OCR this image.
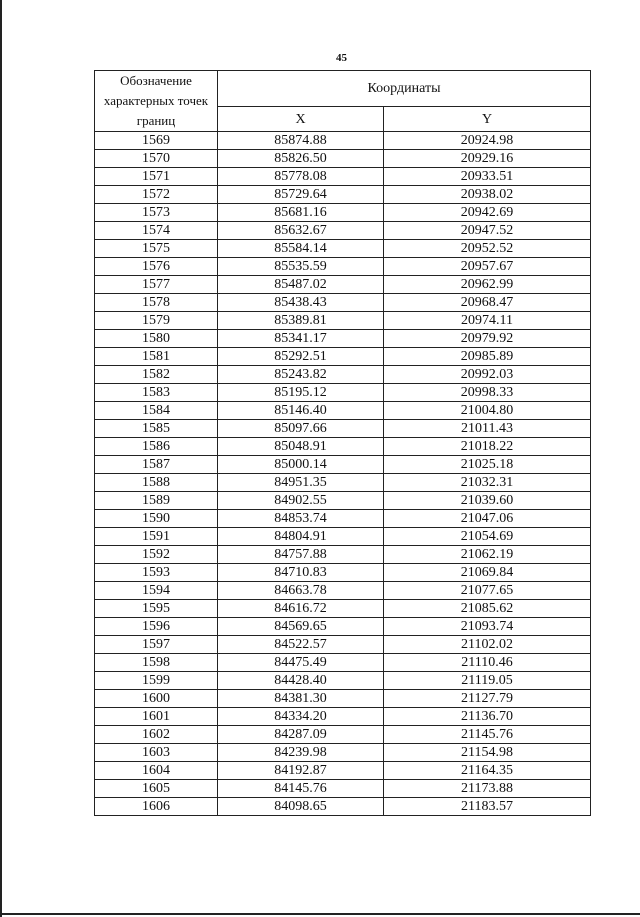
45
Обозначение характерных точек границ	Координаты	
	X	Y
1569	85874.88	20924.98
1570	85826.50	20929.16
1571	85778.08	20933.51
1572	85729.64	20938.02
1573	85681.16	20942.69
1574	85632.67	20947.52
1575	85584.14	20952.52
1576	85535.59	20957.67
1577	85487.02	20962.99
1578	85438.43	20968.47
1579	85389.81	20974.11
1580	85341.17	20979.92
1581	85292.51	20985.89
1582	85243.82	20992.03
1583	85195.12	20998.33
1584	85146.40	21004.80
1585	85097.66	21011.43
1586	85048.91	21018.22
1587	85000.14	21025.18
1588	84951.35	21032.31
1589	84902.55	21039.60
1590	84853.74	21047.06
1591	84804.91	21054.69
1592	84757.88	21062.19
1593	84710.83	21069.84
1594	84663.78	21077.65
1595	84616.72	21085.62
1596	84569.65	21093.74
1597	84522.57	21102.02
1598	84475.49	21110.46
1599	84428.40	21119.05
1600	84381.30	21127.79
1601	84334.20	21136.70
1602	84287.09	21145.76
1603	84239.98	21154.98
1604	84192.87	21164.35
1605	84145.76	21173.88
1606	84098.65	21183.57
